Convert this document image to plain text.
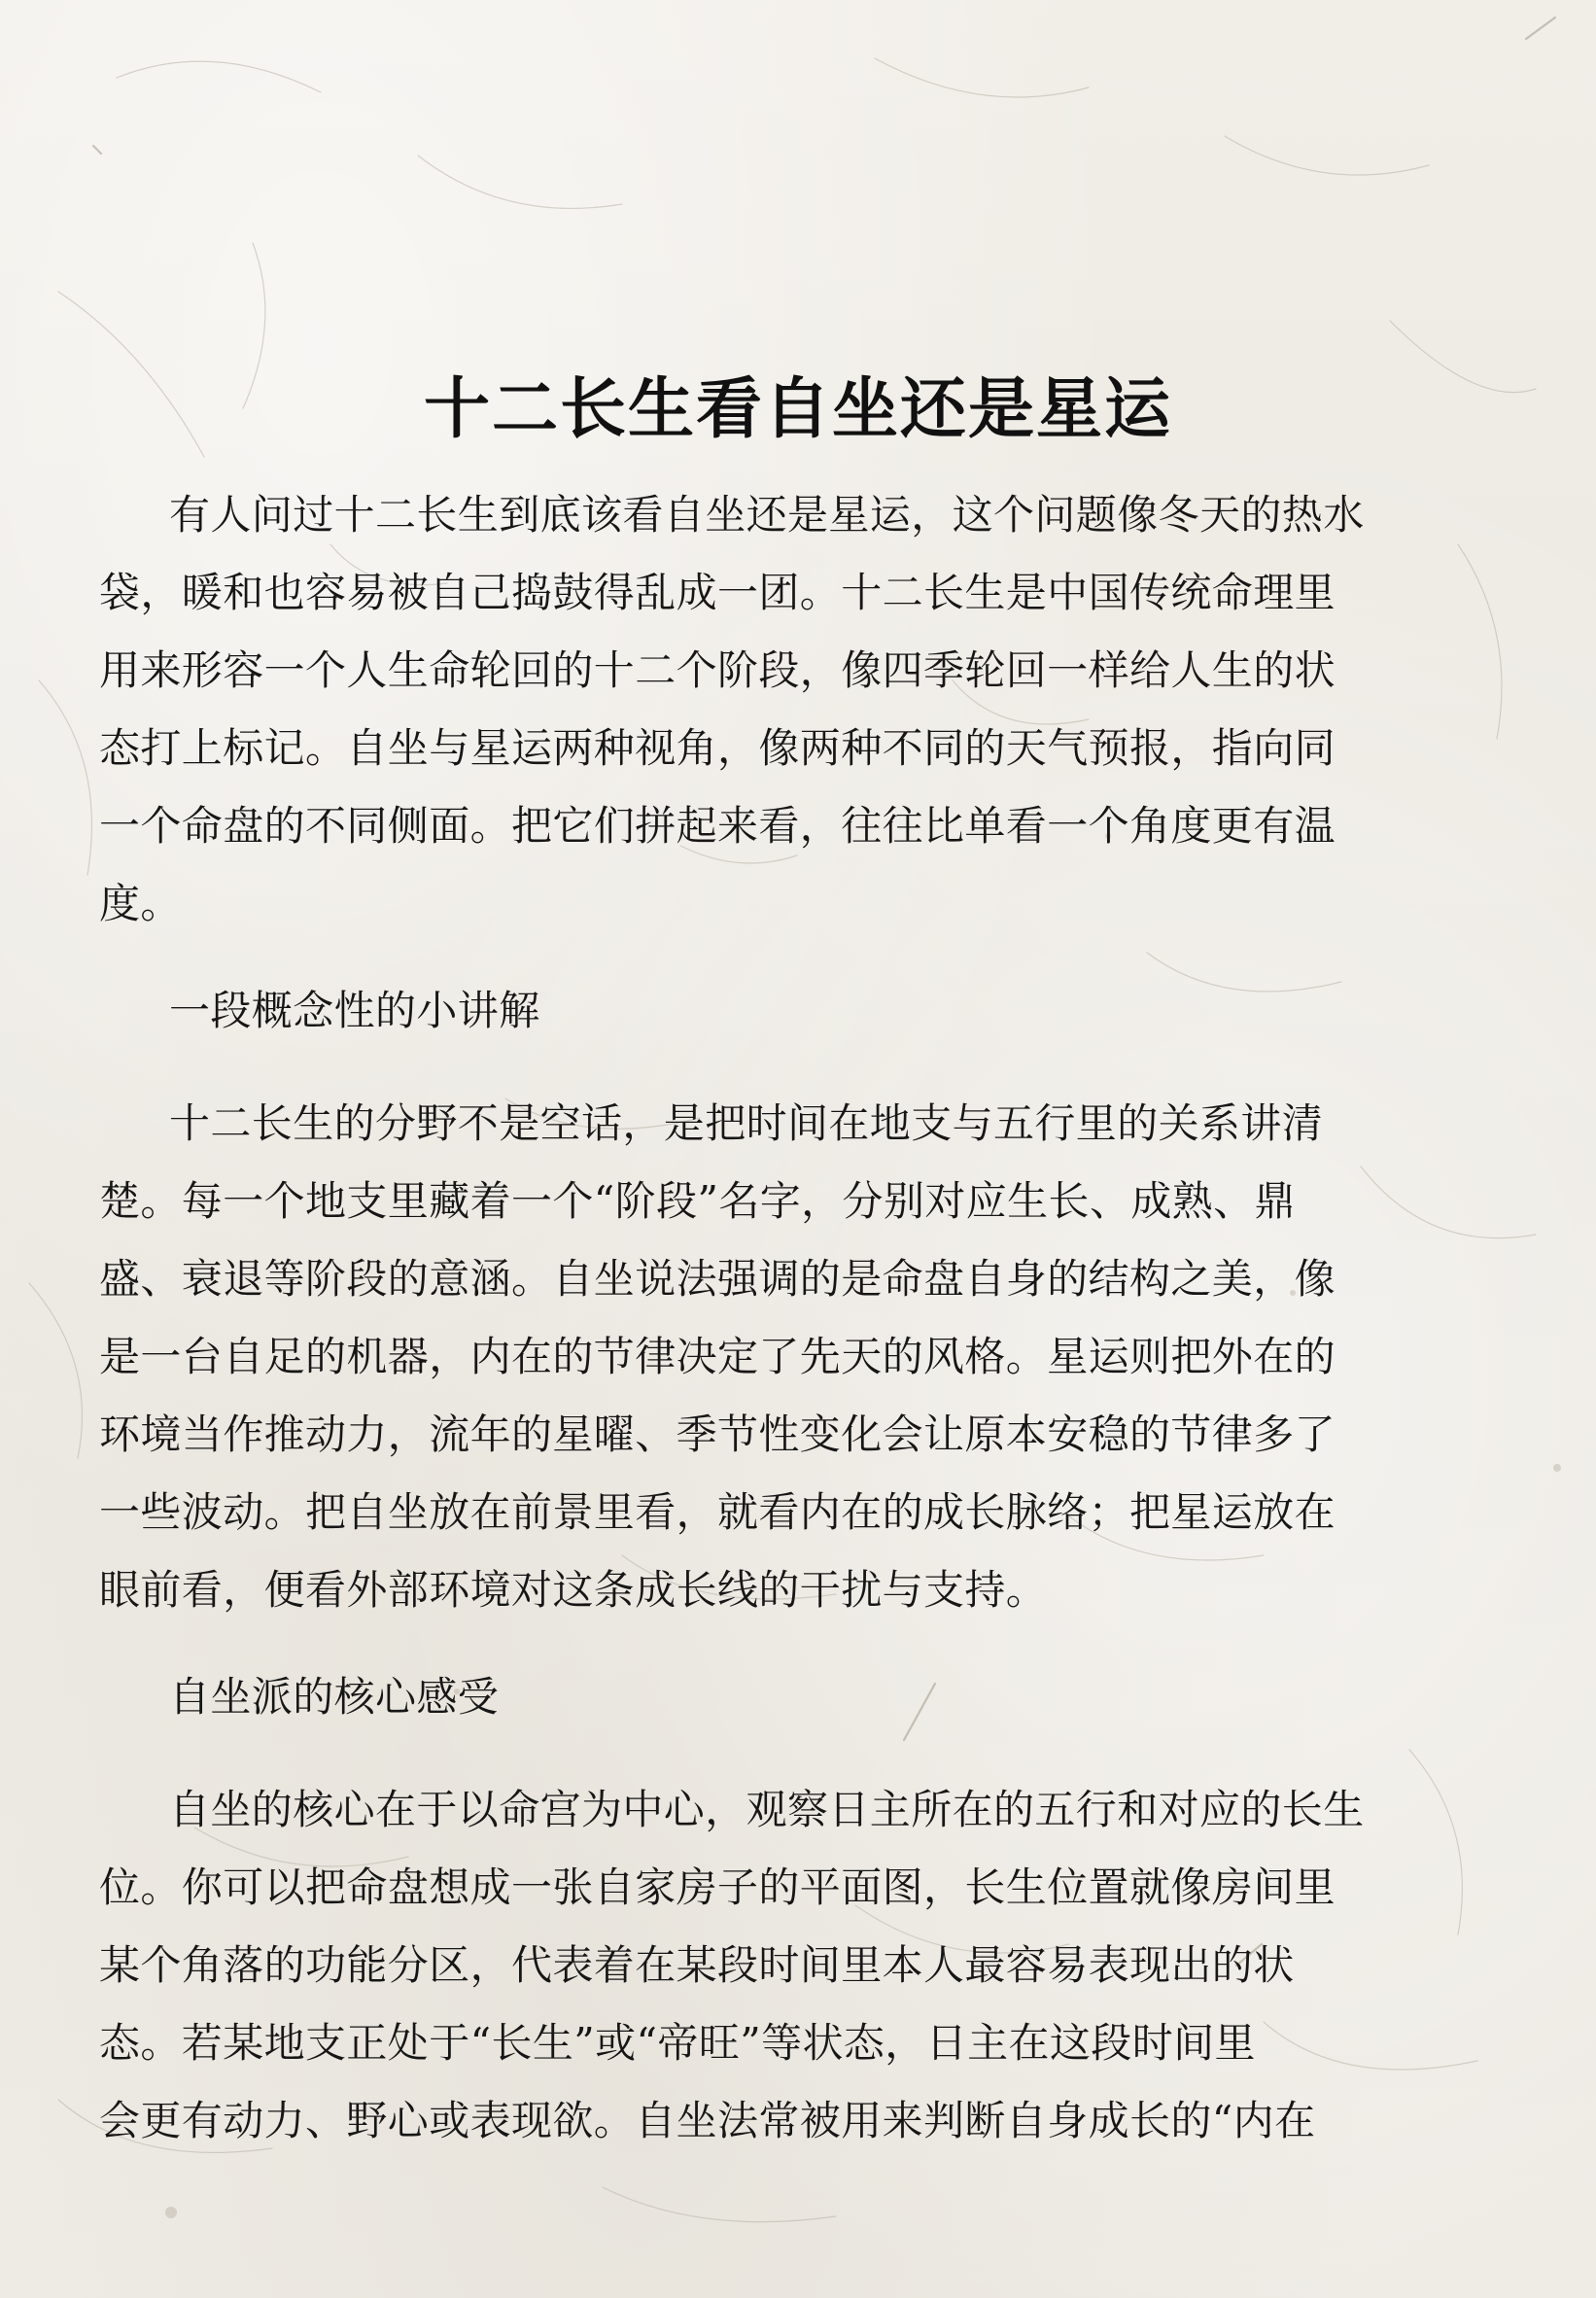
十二长生看自坐还是星运
有人问过十二长生到底该看自坐还是星运，这个问题像冬天的热水
袋，暖和也容易被自己捣鼓得乱成一团。十二长生是中国传统命理里
用来形容一个人生命轮回的十二个阶段，像四季轮回一样给人生的状
态打上标记。自坐与星运两种视角，像两种不同的天气预报，指向同
一个命盘的不同侧面。把它们拼起来看，往往比单看一个角度更有温
度。
一段概念性的小讲解
十二长生的分野不是空话，是把时间在地支与五行里的关系讲清
楚。每一个地支里藏着一个“阶段”名字，分别对应生长、成熟、鼎
盛、衰退等阶段的意涵。自坐说法强调的是命盘自身的结构之美，像
是一台自足的机器，内在的节律决定了先天的风格。星运则把外在的
环境当作推动力，流年的星曜、季节性变化会让原本安稳的节律多了
一些波动。把自坐放在前景里看，就看内在的成长脉络；把星运放在
眼前看，便看外部环境对这条成长线的干扰与支持。
自坐派的核心感受
自坐的核心在于以命宫为中心，观察日主所在的五行和对应的长生
位。你可以把命盘想成一张自家房子的平面图，长生位置就像房间里
某个角落的功能分区，代表着在某段时间里本人最容易表现出的状
态。若某地支正处于“长生”或“帝旺”等状态，日主在这段时间里
会更有动力、野心或表现欲。自坐法常被用来判断自身成长的“内在
